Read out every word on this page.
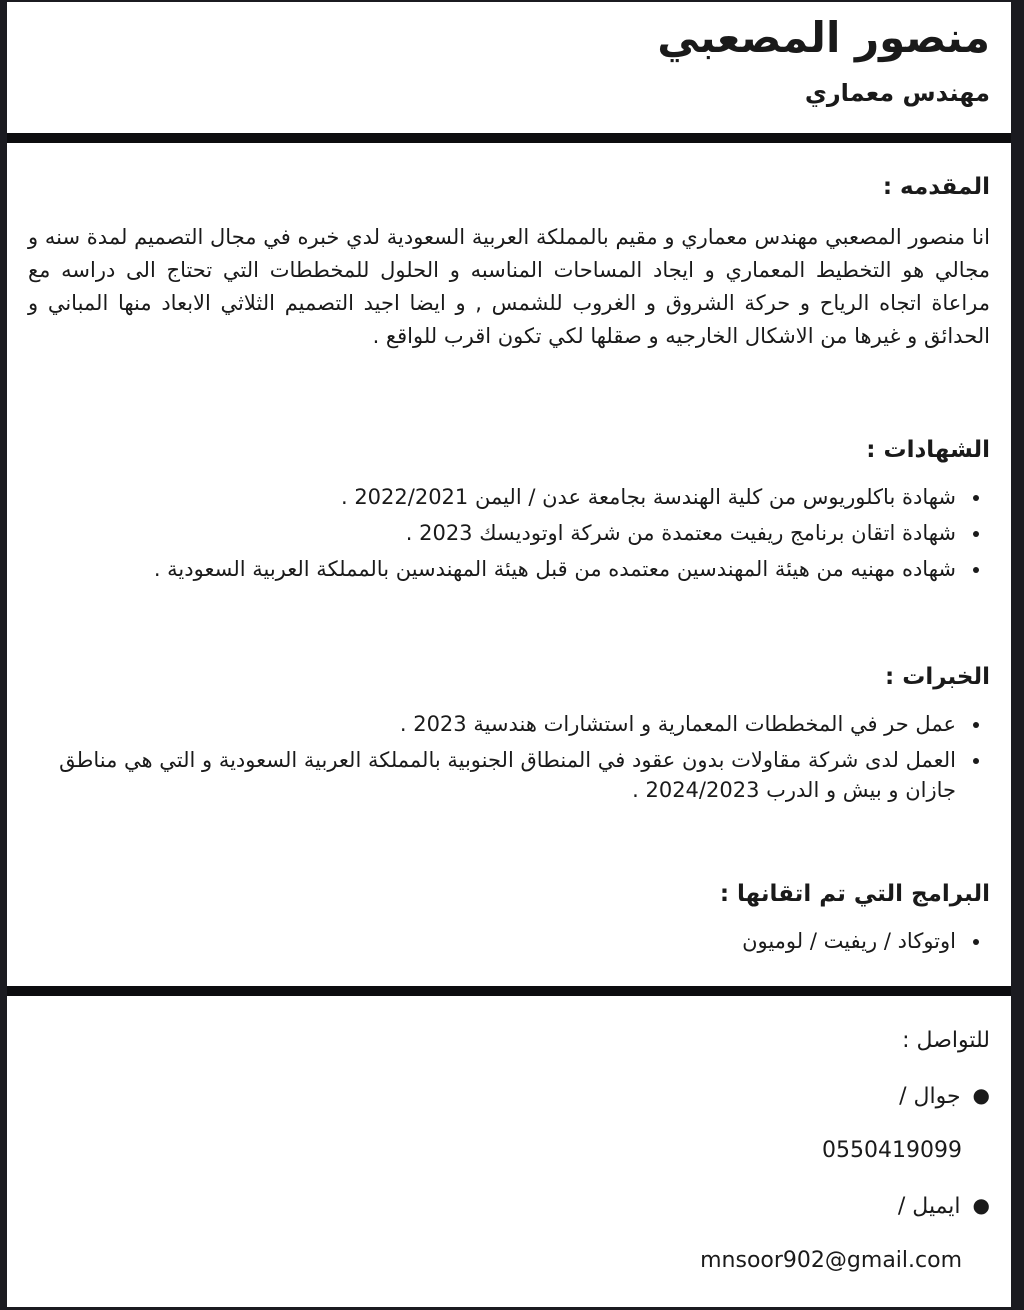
منصور المصعبي
مهندس معماري
المقدمه :

انا منصور المصعبي مهندس معماري و مقيم بالمملكة العربية السعودية لدي خبره في مجال التصميم لمدة سنه و مجالي هو التخطيط المعماري و ايجاد المساحات المناسبه و الحلول للمخططات التي تحتاج الى دراسه مع مراعاة اتجاه الرياح و حركة الشروق و الغروب للشمس , و ايضا اجيد التصميم الثلاثي الابعاد منها المباني و الحدائق و غيرها من الاشكال الخارجيه و صقلها لكي تكون اقرب للواقع .

الشهادات :
• شهادة باكلوريوس من كلية الهندسة بجامعة عدن / اليمن 2022/2021 .
• شهادة اتقان برنامج ريفيت معتمدة من شركة اوتوديسك 2023 .
• شهاده مهنيه من هيئة المهندسين معتمده من قبل هيئة المهندسين بالمملكة العربية السعودية .
الخبرات :
• عمل حر في المخططات المعمارية و استشارات هندسية 2023 .
• العمل لدى شركة مقاولات بدون عقود في المنطاق الجنوبية بالمملكة العربية السعودية و التي هي مناطق جازان و بيش و الدرب 2024/2023 .
البرامج التي تم اتقانها :
• اوتوكاد / ريفيت / لوميون
للتواصل :
●جوال /
0550419099
●ايميل /
mnsoor902@gmail.com
